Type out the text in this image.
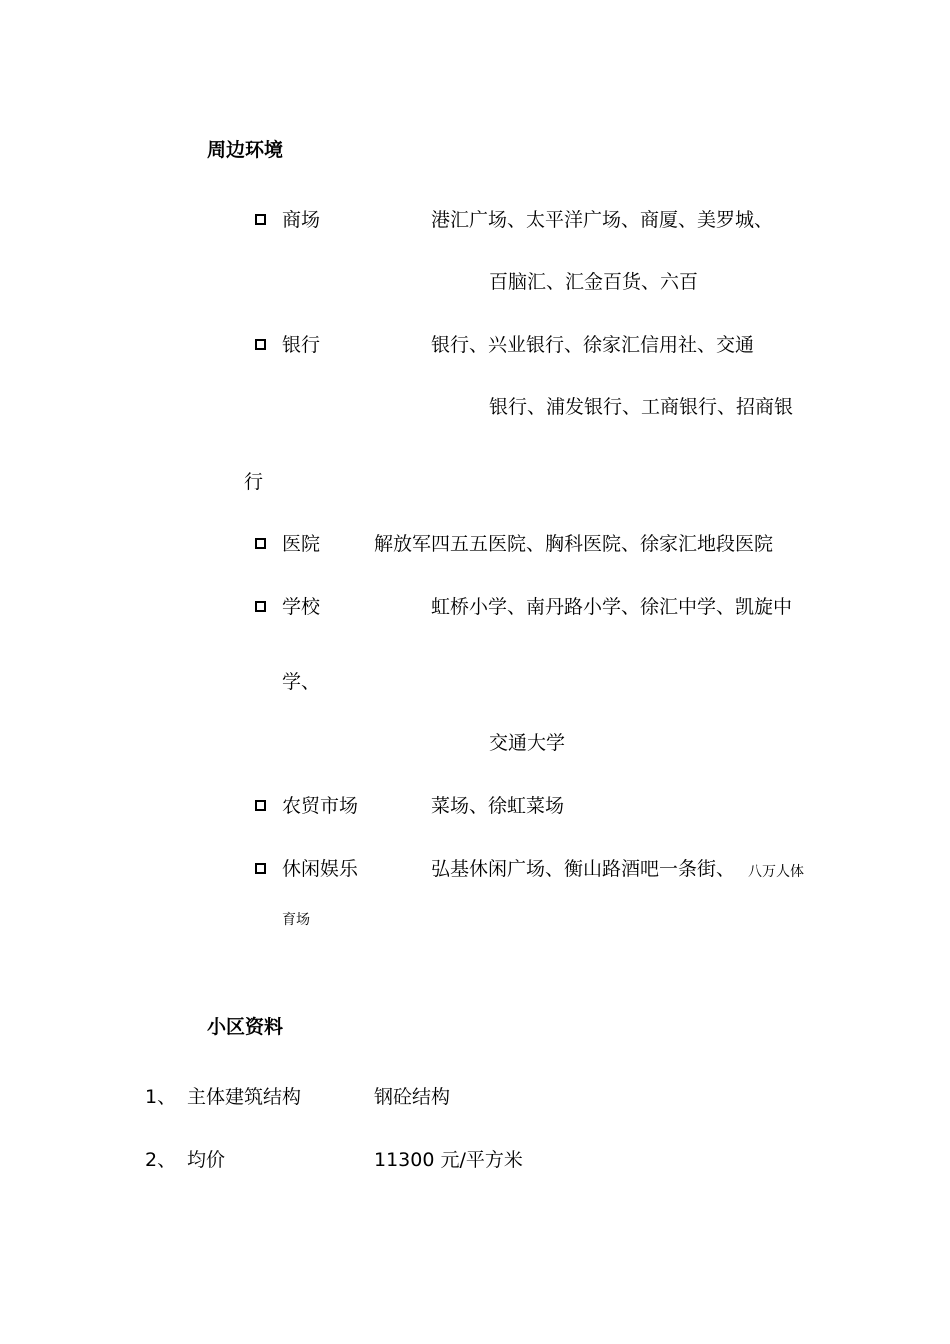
周边环境
商场	港汇广场、太平洋广场、商厦、美罗城、
百脑汇、汇金百货、六百
银行	银行、兴业银行、徐家汇信用社、交通
银行、浦发银行、工商银行、招商银
行
医院	解放军四五五医院、胸科医院、徐家汇地段医院
学校	虹桥小学、南丹路小学、徐汇中学、凯旋中
学、
交通大学
农贸市场	菜场、徐虹菜场
休闲娱乐	弘基休闲广场、衡山路酒吧一条街、 八万人体
育场
小区资料
1、 主体建筑结构	钢砼结构
2、 均价	11300 元/平方米
